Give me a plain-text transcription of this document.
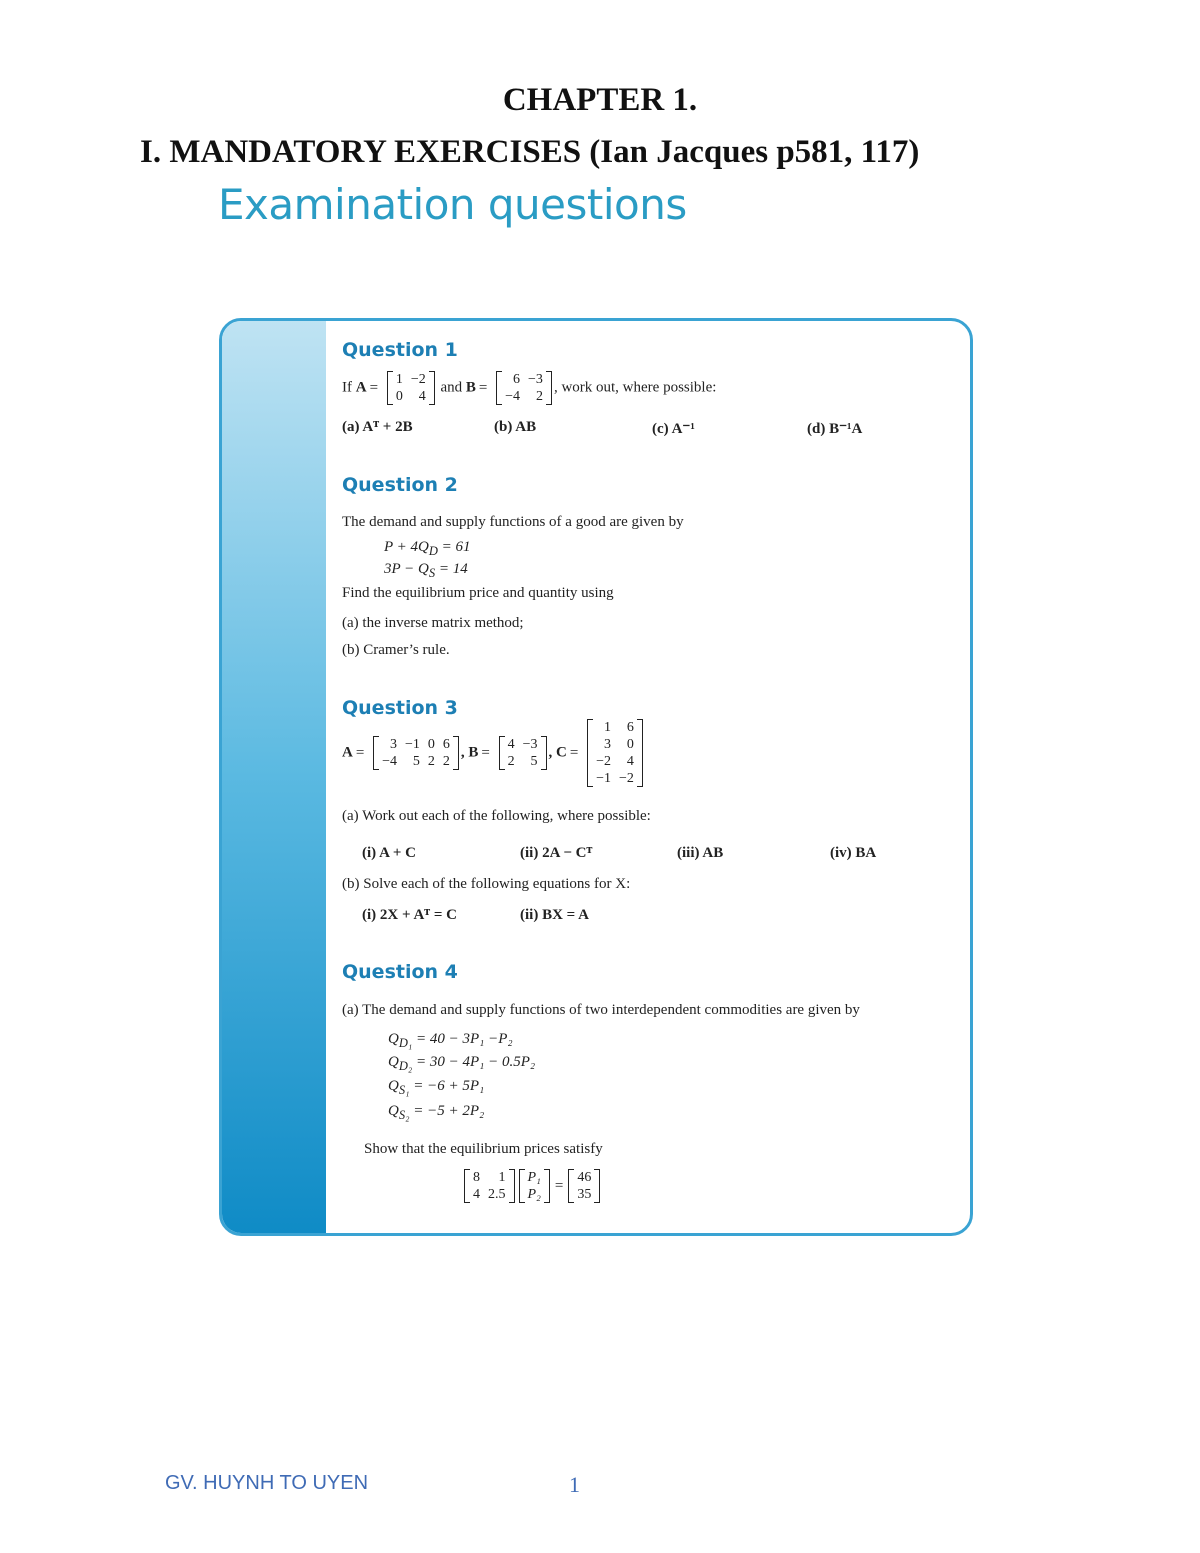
CHAPTER 1.
I. MANDATORY EXERCISES (Ian Jacques p581, 117)
Examination questions
Question 1
If A = 1	−2
0	4
and B = 6	−3
−4	2
, work out, where possible:
(a) Aᵀ + 2B	(b) AB	(c) A⁻¹	(d) B⁻¹A
Question 2
The demand and supply functions of a good are given by
$P + 4Q_D = 61$
$3P - Q_S = 14$
Find the equilibrium price and quantity using
(a) the inverse matrix method;
(b) Cramer’s rule.
Question 3
A = 3	−1	0	6
−4	5	2	2
, B = 4	−3
2	5
, C =
1	6
3	0
−2	4
−1	−2
(a) Work out each of the following, where possible:
(i) A + C	(ii) 2A − Cᵀ	(iii) AB	(iv) BA
(b) Solve each of the following equations for X:
(i) 2X + Aᵀ = C	(ii) BX = A
Question 4
(a) The demand and supply functions of two interdependent commodities are given by
$Q_{D_1} = 40 - 3P_1 -P_2$
$Q_{D_2} = 30 - 4P_1 - 0.5P_2$
$Q_{S_1} = -6 + 5P_1$
$Q_{S_2} = -5 + 2P_2$
Show that the equilibrium prices satisfy
8	1
4	2.5
P₁
P₂
= 46
35
GV. HUYNH TO UYEN	1
